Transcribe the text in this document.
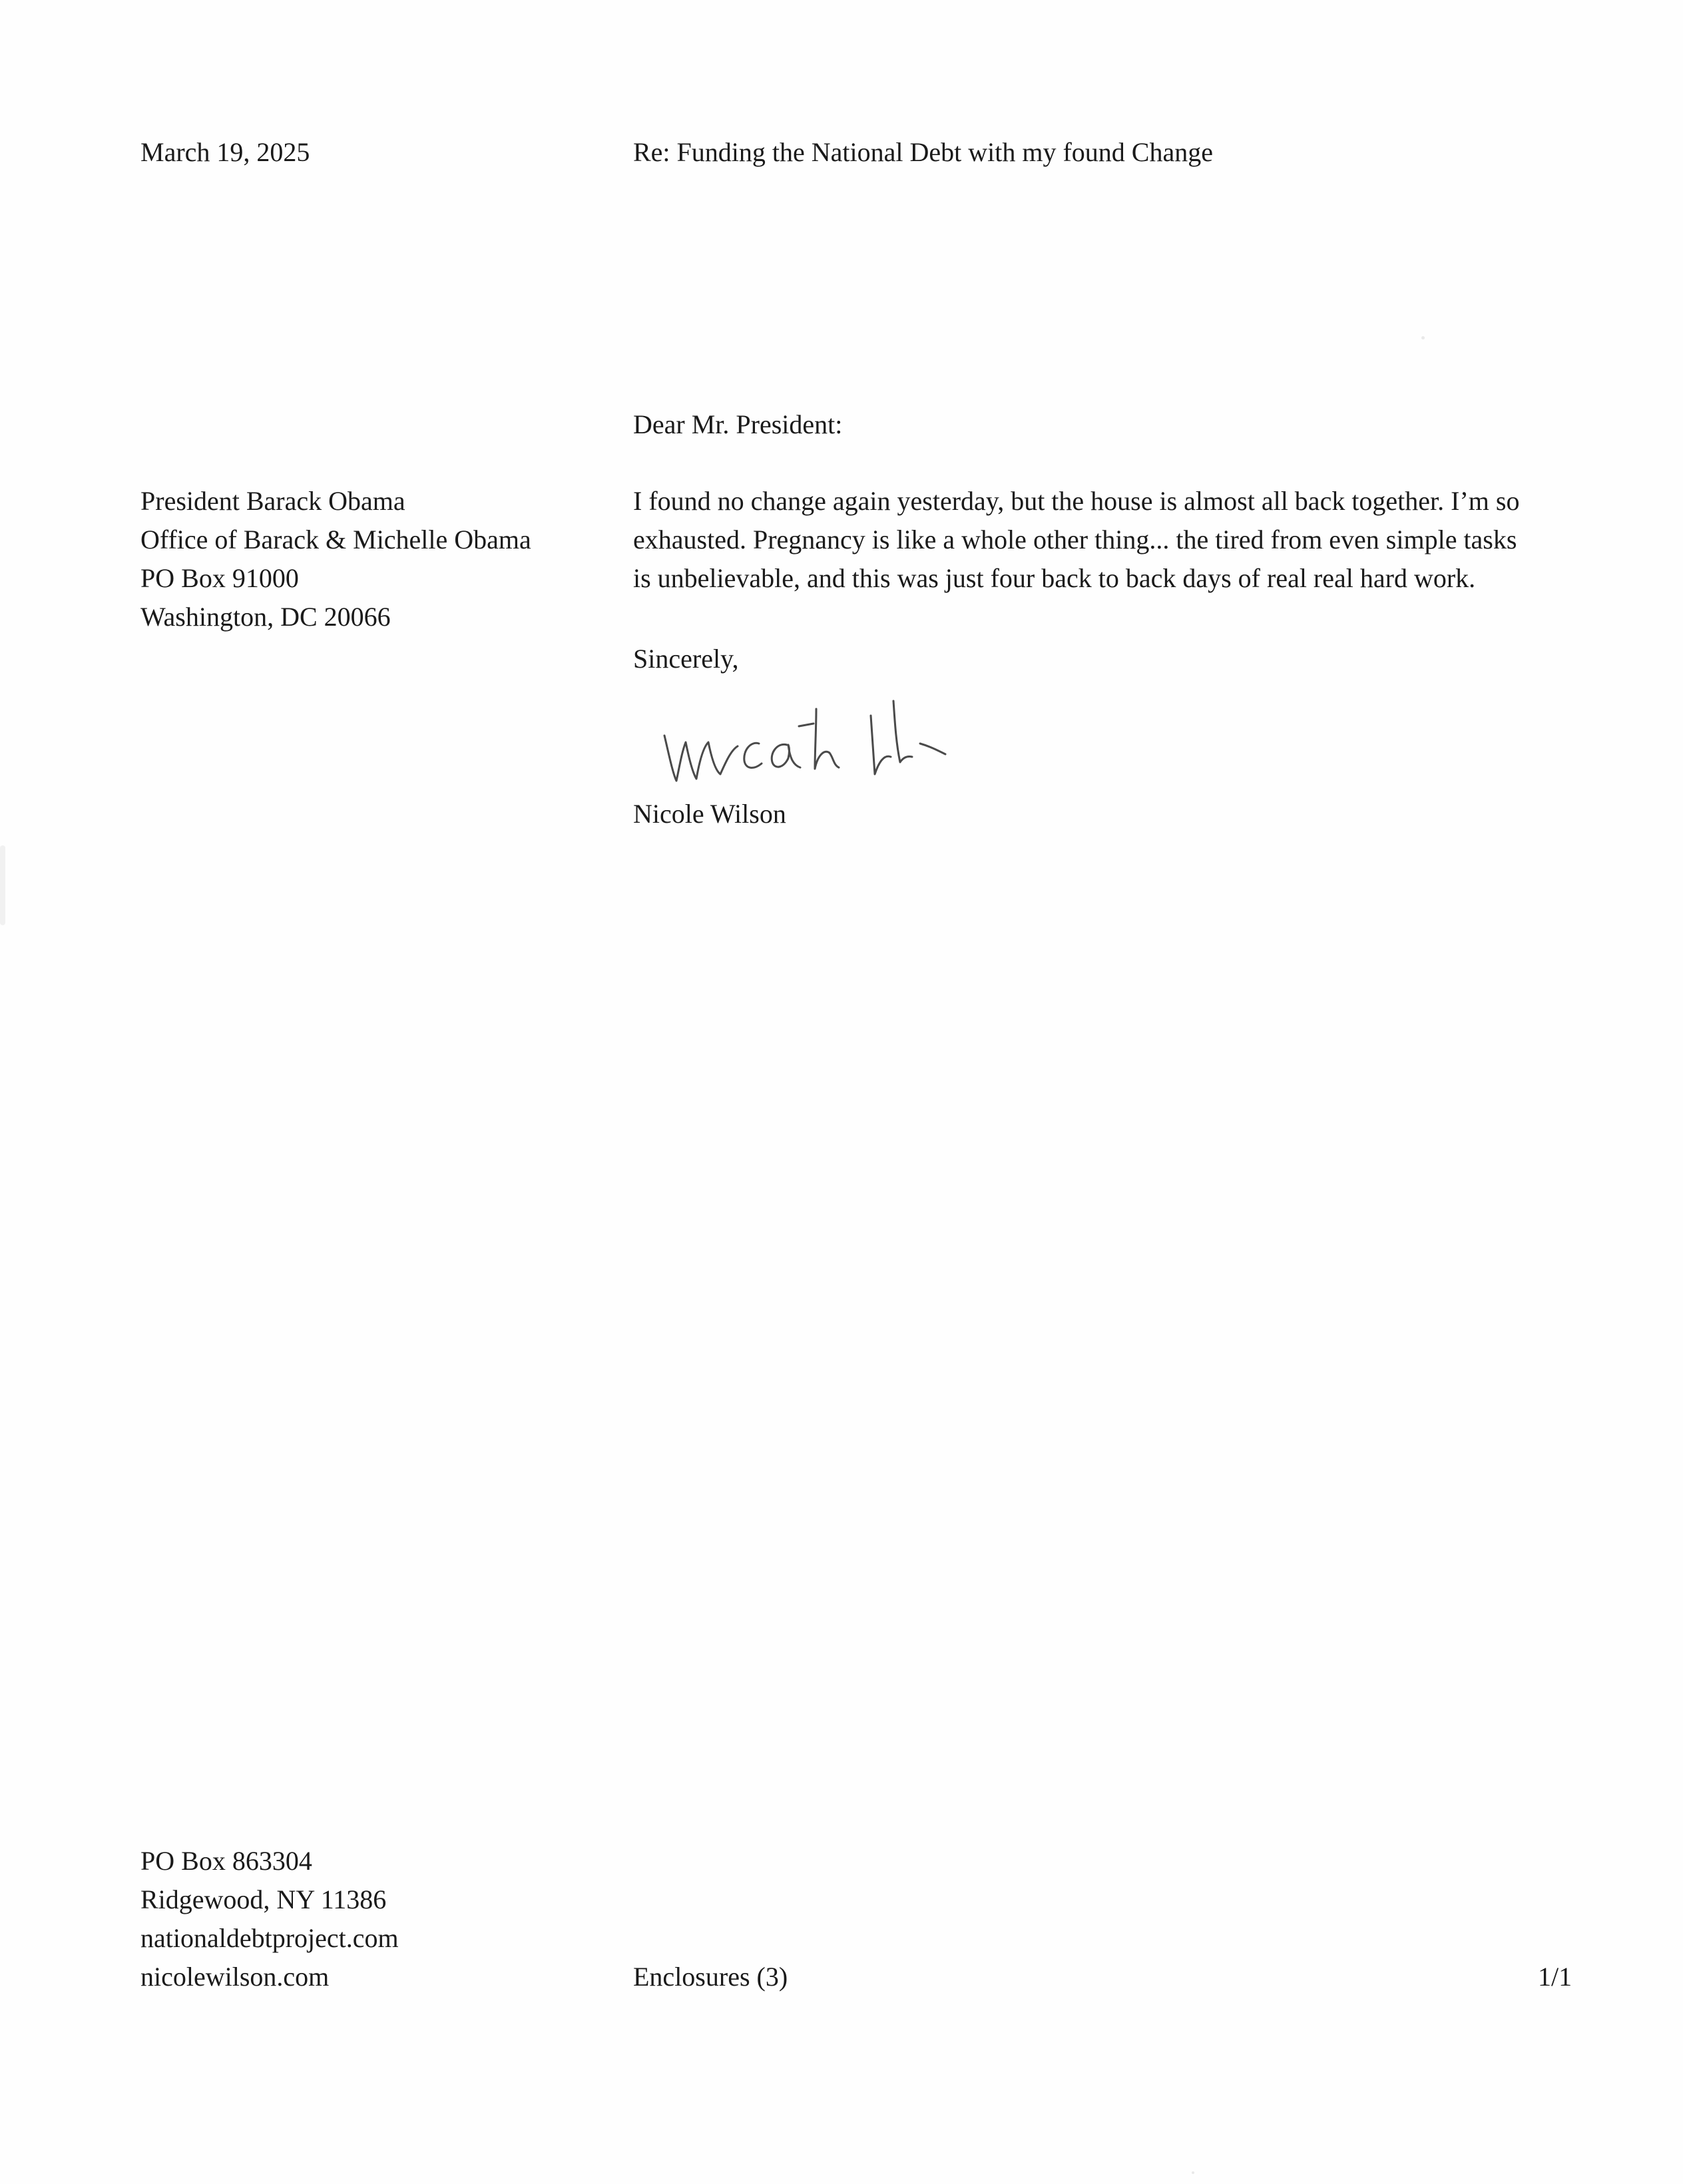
March 19, 2025	Re: Funding the National Debt with my found Change
Dear Mr. President:
President Barack Obama
Office of Barack & Michelle Obama
PO Box 91000
Washington, DC 20066
I found no change again yesterday, but the house is almost all back together. I’m so
exhausted. Pregnancy is like a whole other thing... the tired from even simple tasks
is unbelievable, and this was just four back to back days of real real hard work.
Sincerely,
Nicole Wilson
PO Box 863304
Ridgewood, NY 11386
nationaldebtproject.com
nicolewilson.com	Enclosures (3)	1/1
